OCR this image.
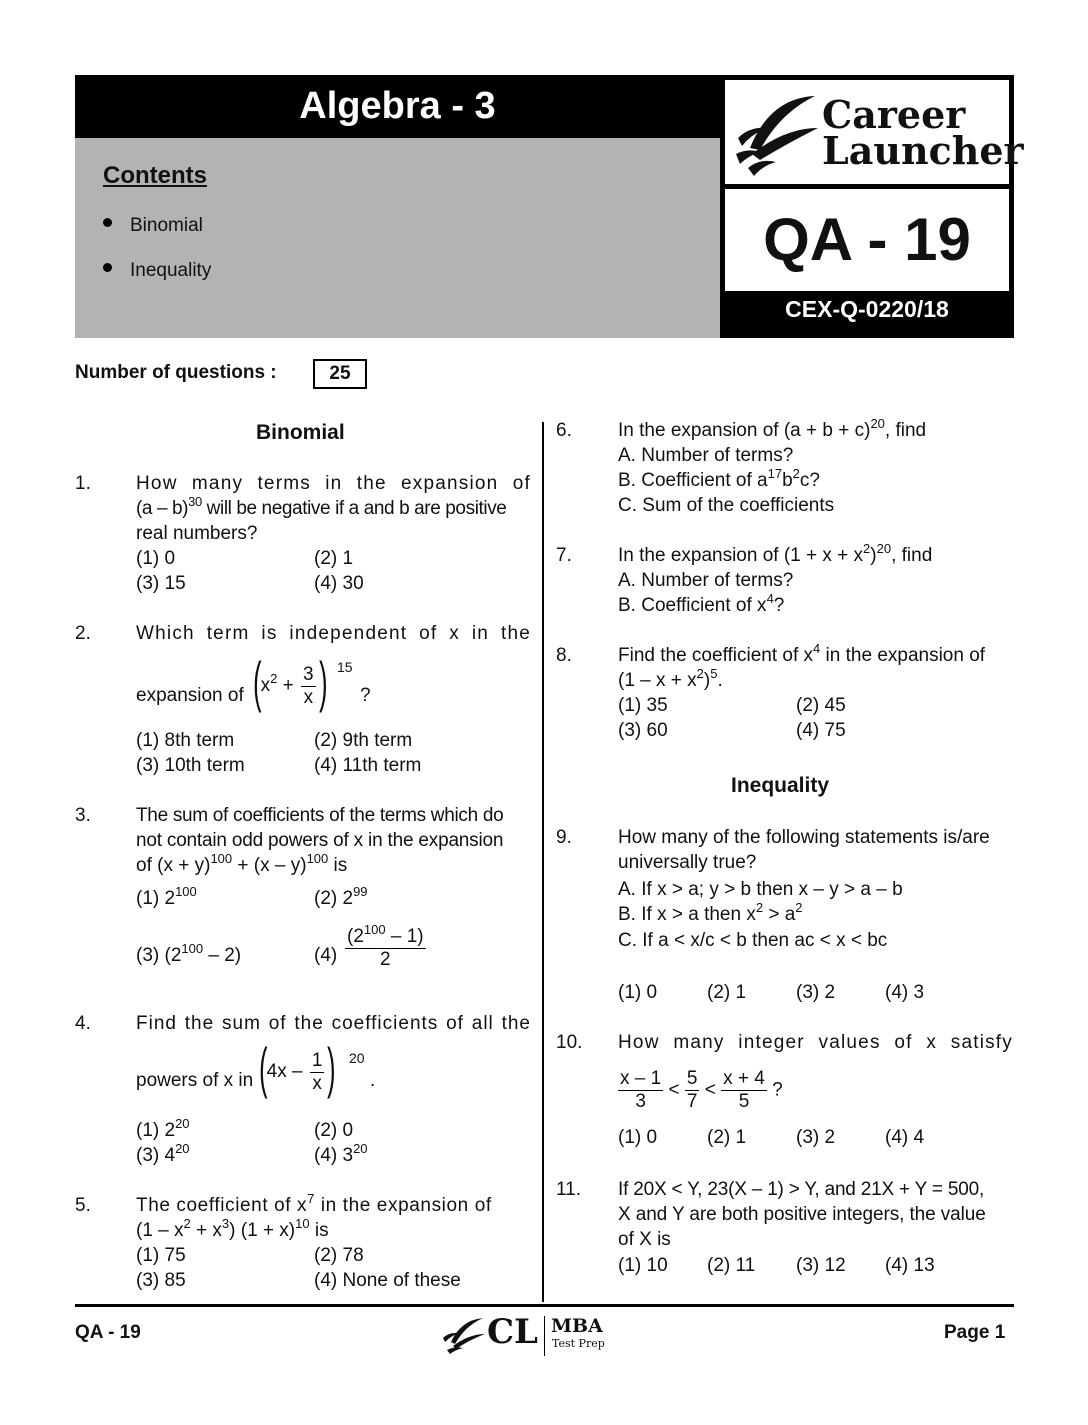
Algebra - 3
Contents
Binomial
Inequality
Career
Launcher
QA - 19
CEX-Q-0220/18
Number of questions :	25
Binomial
1. How many terms in the expansion of
(a – b)$^{30}$ will be negative if a and b are positive
real numbers?
(1) 0	(2) 1
(3) 15	(4) 30
2. Which term is independent of x in the
expansion of ($x^2 + \frac{3}{x}$ ) 15
?
(1) 8th term	(2) 9th term
(3) 10th term	(4) 11th term
3. The sum of coefficients of the terms which do
not contain odd powers of x in the expansion
of $(x + y)^{100} + (x - y)^{100}$ is
(1) $2^{100}$	(2) $2^{99}$
(3) $(2^{100} - 2)$	$(4) \frac{(2^{100} - 1)}{2}$
4. Find the sum of the coefficients of all the
powers of x in ($4x - \frac{1}{x}$ ) 20
.
(1) $2^{20}$	(2) 0
(3) $4^{20}$	(4) $3^{20}$
5. The coefficient of $x^7$ in the expansion of
$(1 - x^2 + x^3)$ $(1 + x)^{10}$ is
(1) 75	(2) 78
(3) 85	(4) None of these
6. In the expansion of $(a + b + c)^{20}$, find
A. Number of terms?
B. Coefficient of $a^{17}b^2c$?
C. Sum of the coefficients
7. In the expansion of $(1 + x + x^2)^{20}$, find
A. Number of terms?
B. Coefficient of $x^4$?
8. Find the coefficient of $x^4$ in the expansion of
$(1 - x + x^2)^5$.
(1) 35	(2) 45
(3) 60	(4) 75
Inequality
9. How many of the following statements is/are
universally true?
A. If x > a; y > b then x – y > a – b
B. If x > a then $x^2 > a^2$
C. If a < x/c < b then ac < x < bc
(1) 0	(2) 1	(3) 2	(4) 3
10. How many integer values of x satisfy
$\frac{x - 1}{3} < \frac{5}{7} < \frac{x + 4}{5}$ ?
(1) 0	(2) 1	(3) 2	(4) 4
11. If 20X < Y, 23(X – 1) > Y, and 21X + Y = 500,
X and Y are both positive integers, the value
of X is
(1) 10 (2) 11 (3) 12 (4) 13
QA - 19	CL MBA
Test Prep
Page 1
